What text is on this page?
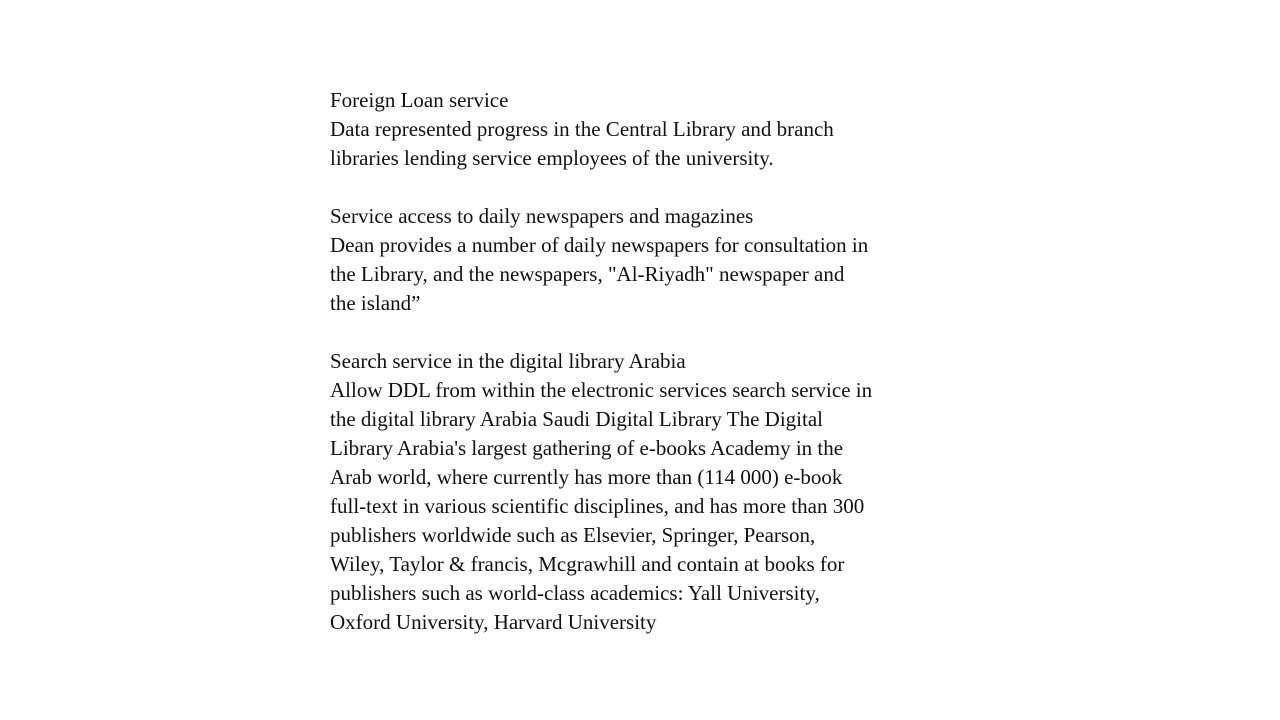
Foreign Loan service
Data represented progress in the Central Library and branch
libraries lending service employees of the university.
Service access to daily newspapers and magazines
Dean provides a number of daily newspapers for consultation in
the Library, and the newspapers, "Al-Riyadh" newspaper and
the island”
Search service in the digital library Arabia
Allow DDL from within the electronic services search service in
the digital library Arabia Saudi Digital Library The Digital
Library Arabia's largest gathering of e-books Academy in the
Arab world, where currently has more than (114 000) e-book
full-text in various scientific disciplines, and has more than 300
publishers worldwide such as Elsevier, Springer, Pearson,
Wiley, Taylor & francis, Mcgrawhill and contain at books for
publishers such as world-class academics: Yall University,
Oxford University, Harvard University
